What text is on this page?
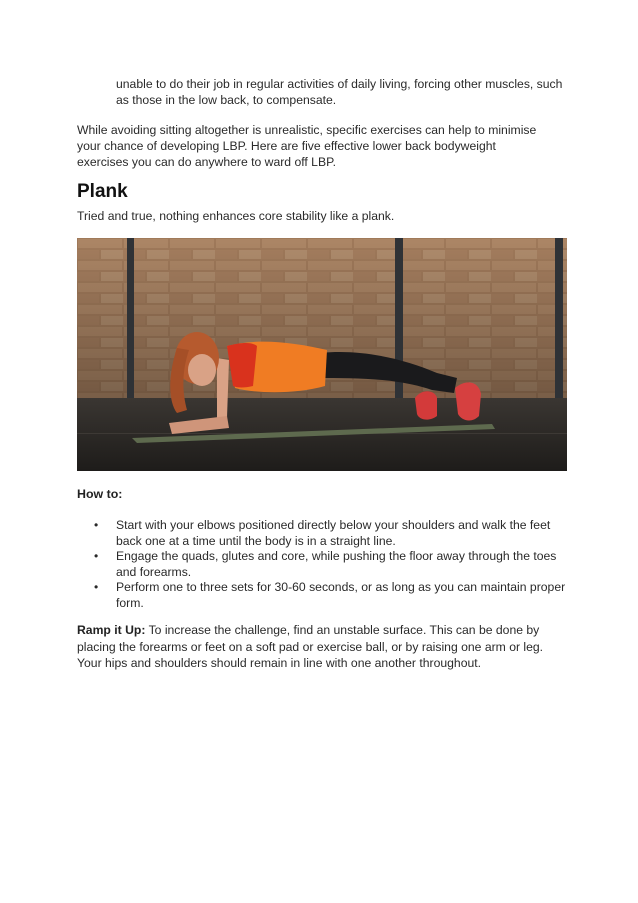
unable to do their job in regular activities of daily living, forcing other muscles, such as those in the low back, to compensate.

While avoiding sitting altogether is unrealistic, specific exercises can help to minimise your chance of developing LBP. Here are five effective lower back bodyweight exercises you can do anywhere to ward off LBP.

Plank

Tried and true, nothing enhances core stability like a plank.

How to:
• Start with your elbows positioned directly below your shoulders and walk the feet back one at a time until the body is in a straight line.
• Engage the quads, glutes and core, while pushing the floor away through the toes and forearms.
• Perform one to three sets for 30-60 seconds, or as long as you can maintain proper form.

Ramp it Up: To increase the challenge, find an unstable surface. This can be done by placing the forearms or feet on a soft pad or exercise ball, or by raising one arm or leg. Your hips and shoulders should remain in line with one another throughout.
